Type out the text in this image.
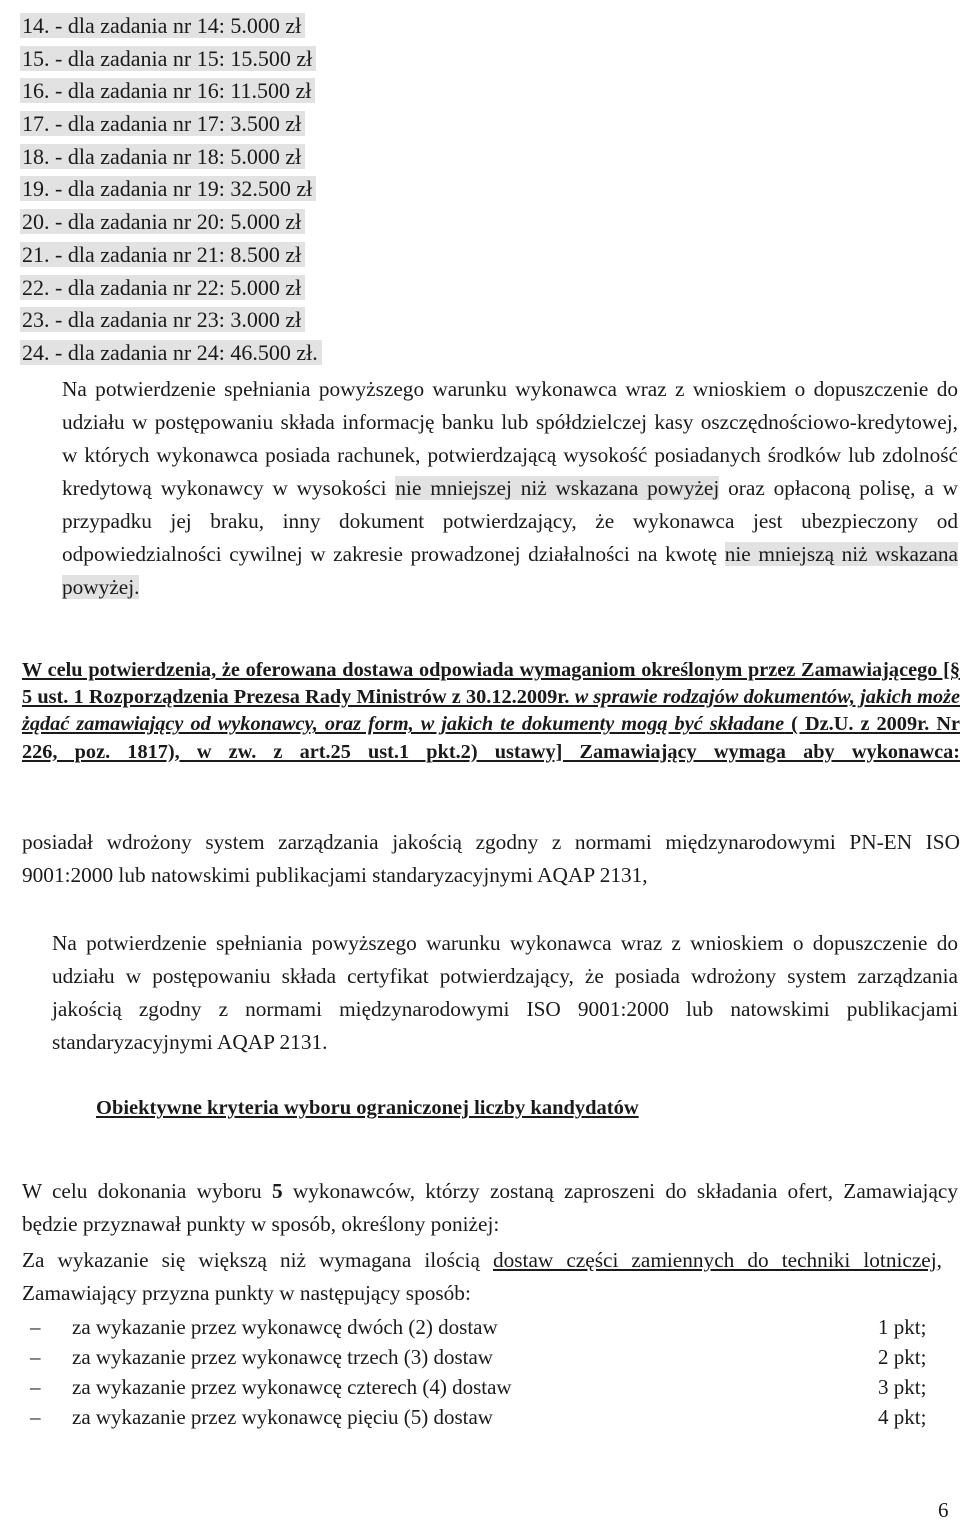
14. - dla zadania nr 14: 5.000 zł
15. - dla zadania nr 15: 15.500 zł
16. - dla zadania nr 16: 11.500 zł
17. - dla zadania nr 17: 3.500 zł
18. - dla zadania nr 18: 5.000 zł
19. - dla zadania nr 19: 32.500 zł
20. - dla zadania nr 20: 5.000 zł
21. - dla zadania nr 21: 8.500 zł
22. - dla zadania nr 22: 5.000 zł
23. - dla zadania nr 23: 3.000 zł
24. - dla zadania nr 24: 46.500 zł.

Na potwierdzenie spełniania powyższego warunku wykonawca wraz z wnioskiem o dopuszczenie do udziału w postępowaniu składa informację banku lub spółdzielczej kasy oszczędnościowo-kredytowej, w których wykonawca posiada rachunek, potwierdzającą wysokość posiadanych środków lub zdolność kredytową wykonawcy w wysokości nie mniejszej niż wskazana powyżej oraz opłaconą polisę, a w przypadku jej braku, inny dokument potwierdzający, że wykonawca jest ubezpieczony od odpowiedzialności cywilnej w zakresie prowadzonej działalności na kwotę nie mniejszą niż wskazana powyżej.

W celu potwierdzenia, że oferowana dostawa odpowiada wymaganiom określonym przez Zamawiającego [§ 5 ust. 1 Rozporządzenia Prezesa Rady Ministrów z 30.12.2009r. w sprawie rodzajów dokumentów, jakich może żądać zamawiający od wykonawcy, oraz form, w jakich te dokumenty mogą być składane ( Dz.U. z 2009r. Nr 226, poz. 1817), w zw. z art.25 ust.1 pkt.2) ustawy] Zamawiający wymaga aby wykonawca:

posiadał wdrożony system zarządzania jakością zgodny z normami międzynarodowymi PN-EN ISO 9001:2000 lub natowskimi publikacjami standaryzacyjnymi AQAP 2131,

Na potwierdzenie spełniania powyższego warunku wykonawca wraz z wnioskiem o dopuszczenie do udziału w postępowaniu składa certyfikat potwierdzający, że posiada wdrożony system zarządzania jakością zgodny z normami międzynarodowymi ISO 9001:2000 lub natowskimi publikacjami standaryzacyjnymi AQAP 2131.

Obiektywne kryteria wyboru ograniczonej liczby kandydatów

W celu dokonania wyboru 5 wykonawców, którzy zostaną zaproszeni do składania ofert, Zamawiający będzie przyznawał punkty w sposób, określony poniżej:

Za wykazanie się większą niż wymagana ilością dostaw części zamiennych do techniki lotniczej, Zamawiający przyzna punkty w następujący sposób:

– za wykazanie przez wykonawcę dwóch (2) dostaw	1 pkt;
– za wykazanie przez wykonawcę trzech (3) dostaw	2 pkt;
– za wykazanie przez wykonawcę czterech (4) dostaw	3 pkt;
– za wykazanie przez wykonawcę pięciu (5) dostaw	4 pkt;

6
